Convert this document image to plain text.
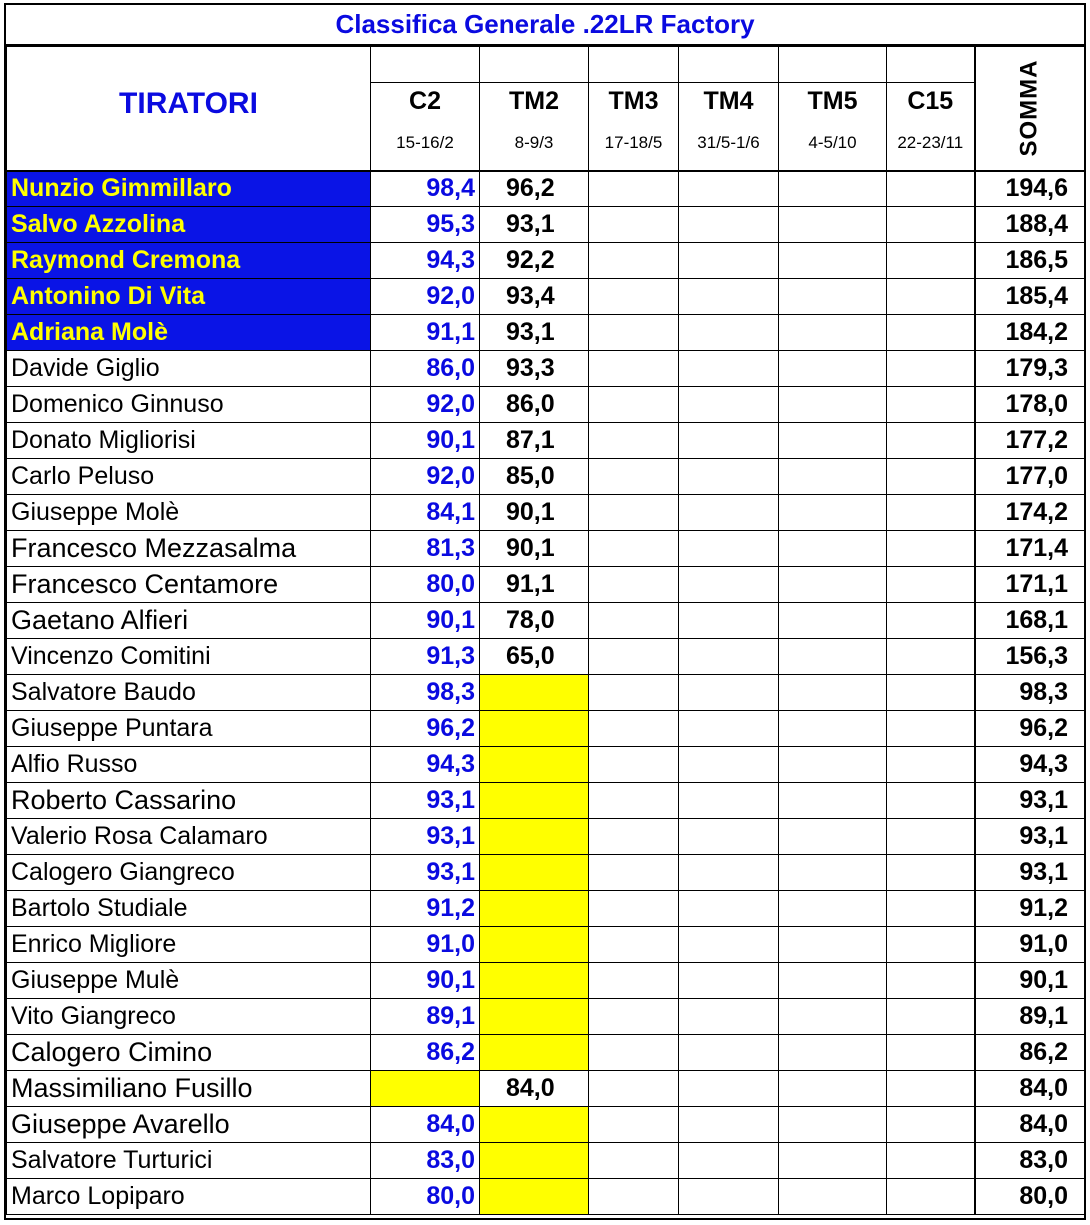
Classifica Generale .22LR Factory
TIRATORI							SOMMA
	C2	TM2	TM3	TM4	TM5	C15	
	15-16/2	8-9/3	17-18/5	31/5-1/6	4-5/10	22-23/11	
Nunzio Gimmillaro	98,4	96,2					194,6
Salvo Azzolina	95,3	93,1					188,4
Raymond Cremona	94,3	92,2					186,5
Antonino Di Vita	92,0	93,4					185,4
Adriana Molè	91,1	93,1					184,2
Davide Giglio	86,0	93,3					179,3
Domenico Ginnuso	92,0	86,0					178,0
Donato Migliorisi	90,1	87,1					177,2
Carlo Peluso	92,0	85,0					177,0
Giuseppe Molè	84,1	90,1					174,2
Francesco Mezzasalma	81,3	90,1					171,4
Francesco Centamore	80,0	91,1					171,1
Gaetano Alfieri	90,1	78,0					168,1
Vincenzo Comitini	91,3	65,0					156,3
Salvatore Baudo	98,3						98,3
Giuseppe Puntara	96,2						96,2
Alfio Russo	94,3						94,3
Roberto Cassarino	93,1						93,1
Valerio Rosa Calamaro	93,1						93,1
Calogero Giangreco	93,1						93,1
Bartolo Studiale	91,2						91,2
Enrico Migliore	91,0						91,0
Giuseppe Mulè	90,1						90,1
Vito Giangreco	89,1						89,1
Calogero Cimino	86,2						86,2
Massimiliano Fusillo		84,0					84,0
Giuseppe Avarello	84,0						84,0
Salvatore Turturici	83,0						83,0
Marco Lopiparo	80,0						80,0
